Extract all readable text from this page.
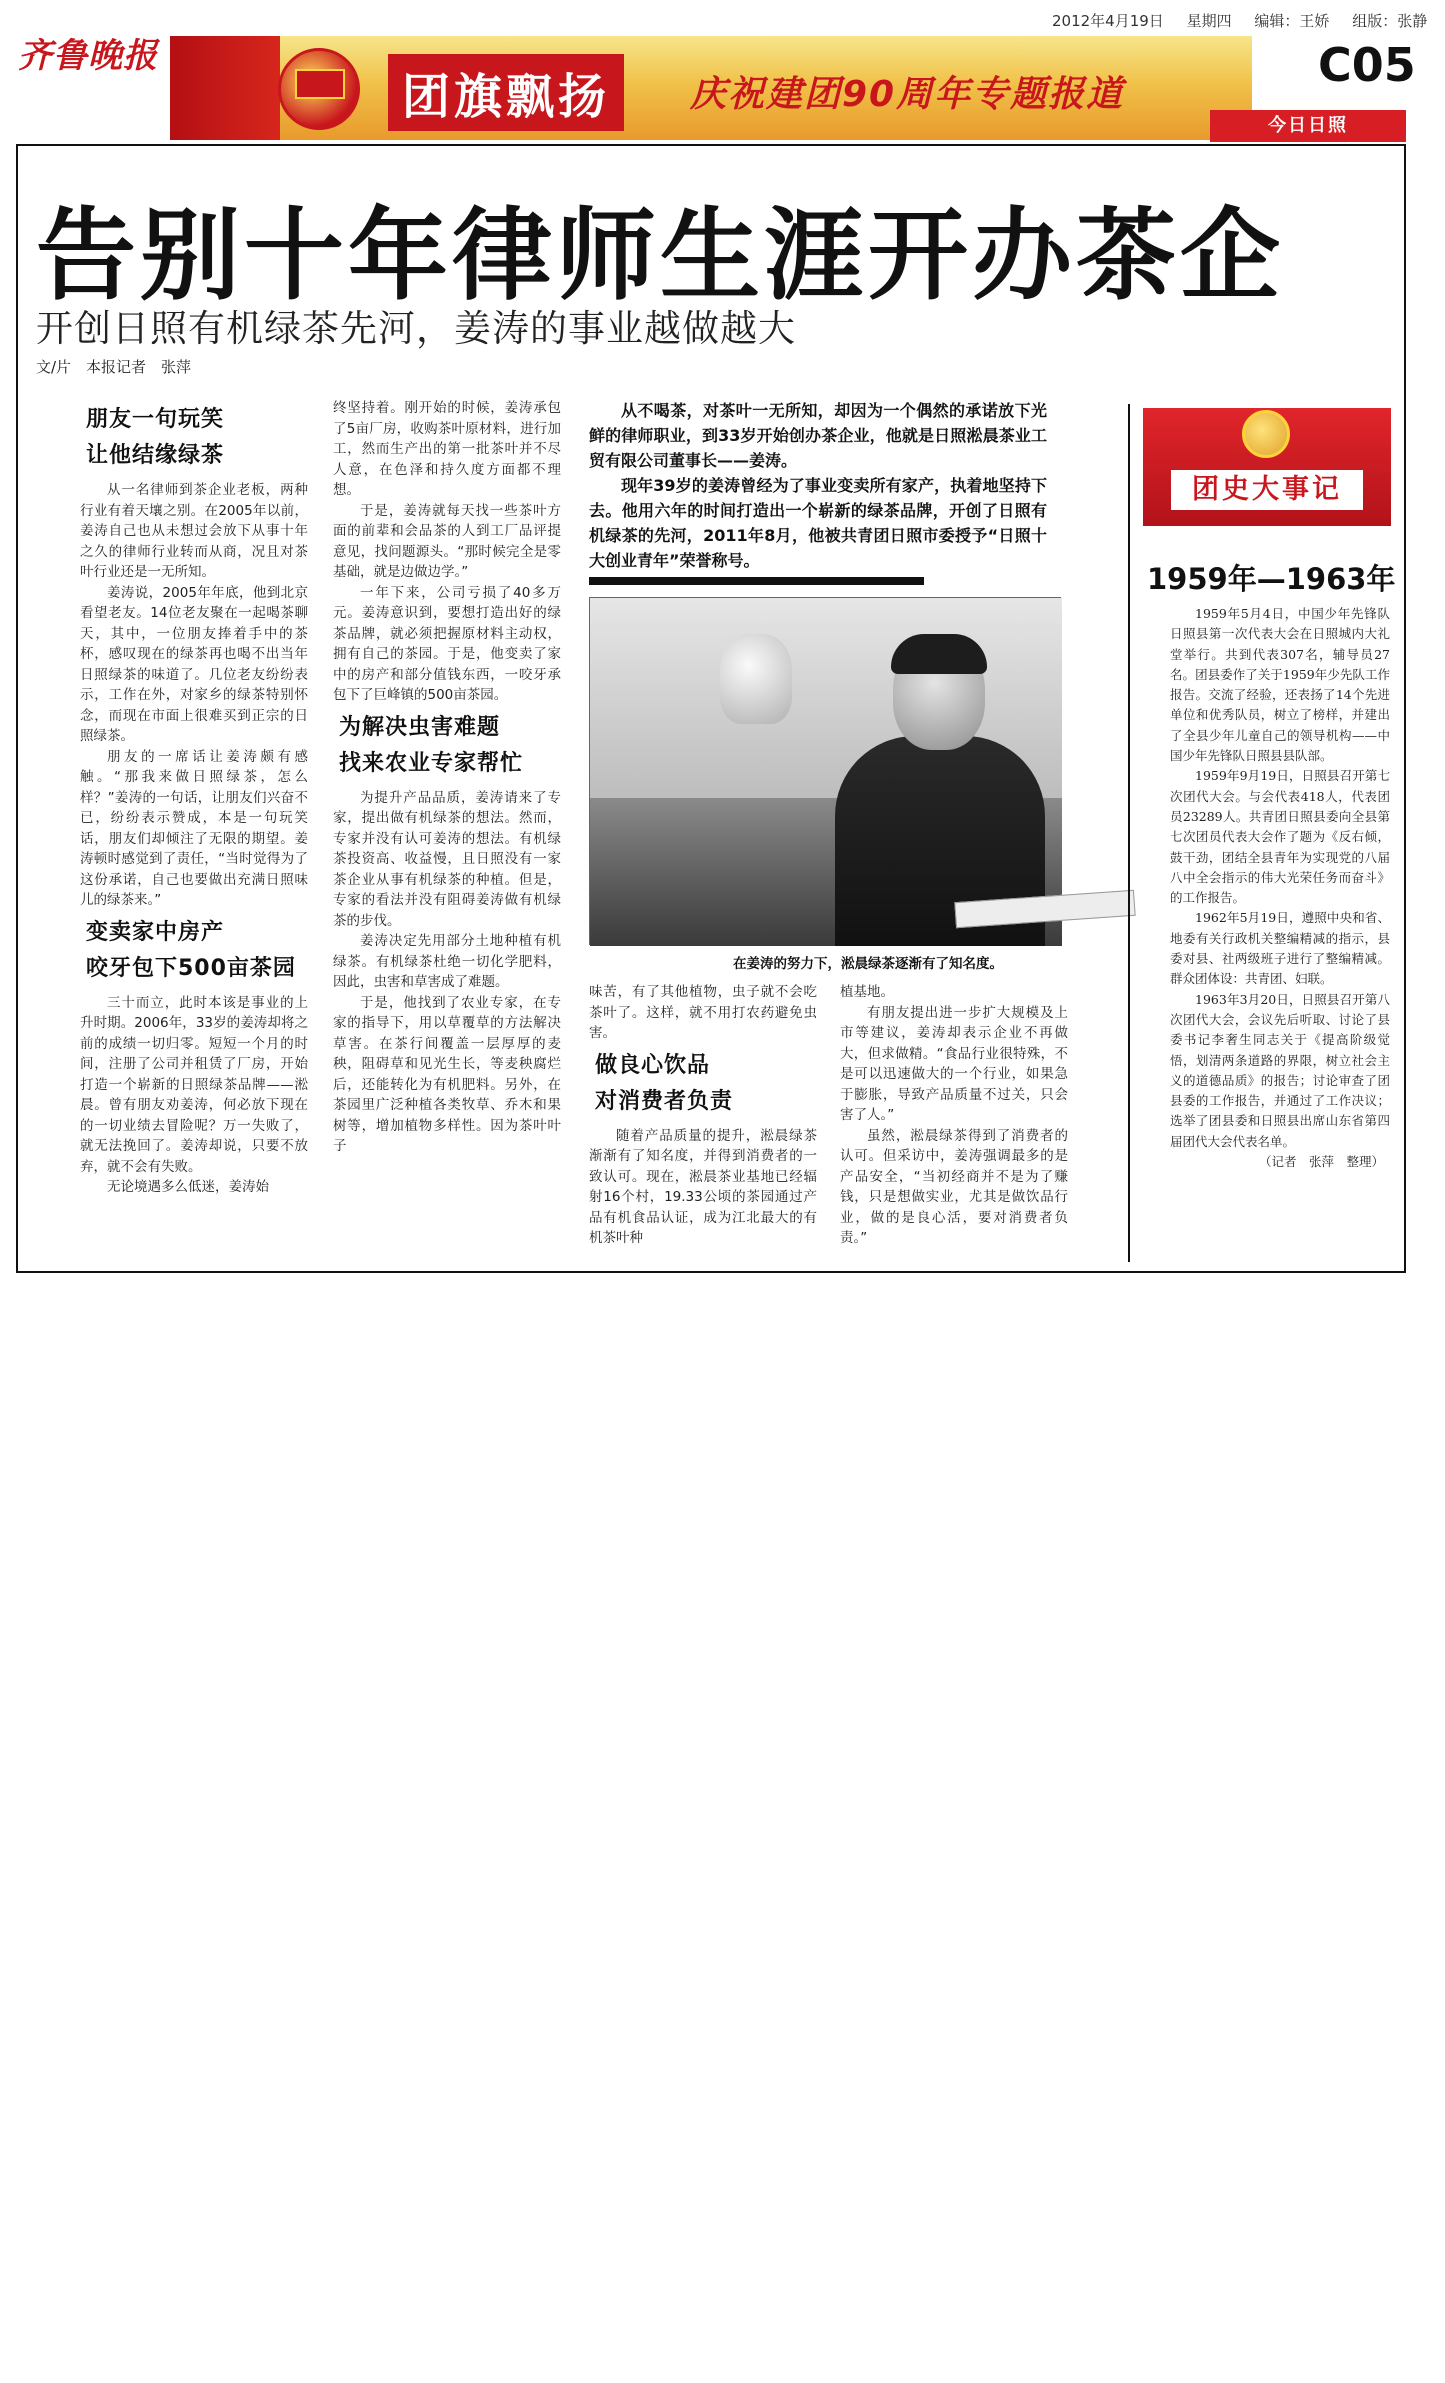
齐鲁晚报
2012年4月19日 星期四 编辑：王娇 组版：张静
团旗飘扬	庆祝建团90周年专题报道
C05
今日日照
告别十年律师生涯开办茶企
开创日照有机绿茶先河，姜涛的事业越做越大
文/片　本报记者　张萍
朋友一句玩笑
让他结缘绿茶

从一名律师到茶企业老板，两种行业有着天壤之别。在2005年以前，姜涛自己也从未想过会放下从事十年之久的律师行业转而从商，况且对茶叶行业还是一无所知。

姜涛说，2005年年底，他到北京看望老友。14位老友聚在一起喝茶聊天，其中，一位朋友捧着手中的茶杯，感叹现在的绿茶再也喝不出当年日照绿茶的味道了。几位老友纷纷表示，工作在外，对家乡的绿茶特别怀念，而现在市面上很难买到正宗的日照绿茶。

朋友的一席话让姜涛颇有感触。“那我来做日照绿茶，怎么样？”姜涛的一句话，让朋友们兴奋不已，纷纷表示赞成，本是一句玩笑话，朋友们却倾注了无限的期望。姜涛顿时感觉到了责任，“当时觉得为了这份承诺，自己也要做出充满日照味儿的绿茶来。”

变卖家中房产
咬牙包下500亩茶园

三十而立，此时本该是事业的上升时期。2006年，33岁的姜涛却将之前的成绩一切归零。短短一个月的时间，注册了公司并租赁了厂房，开始打造一个崭新的日照绿茶品牌——淞晨。曾有朋友劝姜涛，何必放下现在的一切业绩去冒险呢？万一失败了，就无法挽回了。姜涛却说，只要不放弃，就不会有失败。

无论境遇多么低迷，姜涛始

终坚持着。刚开始的时候，姜涛承包了5亩厂房，收购茶叶原材料，进行加工，然而生产出的第一批茶叶并不尽人意，在色泽和持久度方面都不理想。

于是，姜涛就每天找一些茶叶方面的前辈和会品茶的人到工厂品评提意见，找问题源头。“那时候完全是零基础，就是边做边学。”

一年下来，公司亏损了40多万元。姜涛意识到，要想打造出好的绿茶品牌，就必须把握原材料主动权，拥有自己的茶园。于是，他变卖了家中的房产和部分值钱东西，一咬牙承包下了巨峰镇的500亩茶园。

为解决虫害难题
找来农业专家帮忙

为提升产品品质，姜涛请来了专家，提出做有机绿茶的想法。然而，专家并没有认可姜涛的想法。有机绿茶投资高、收益慢，且日照没有一家茶企业从事有机绿茶的种植。但是，专家的看法并没有阻碍姜涛做有机绿茶的步伐。

姜涛决定先用部分土地种植有机绿茶。有机绿茶杜绝一切化学肥料，因此，虫害和草害成了难题。

于是，他找到了农业专家，在专家的指导下，用以草覆草的方法解决草害。在茶行间覆盖一层厚厚的麦秧，阻碍草和见光生长，等麦秧腐烂后，还能转化为有机肥料。另外，在茶园里广泛种植各类牧草、乔木和果树等，增加植物多样性。因为茶叶叶子

从不喝茶，对茶叶一无所知，却因为一个偶然的承诺放下光鲜的律师职业，到33岁开始创办茶企业，他就是日照淞晨茶业工贸有限公司董事长——姜涛。

现年39岁的姜涛曾经为了事业变卖所有家产，执着地坚持下去。他用六年的时间打造出一个崭新的绿茶品牌，开创了日照有机绿茶的先河，2011年8月，他被共青团日照市委授予“日照十大创业青年”荣誉称号。

在姜涛的努力下，淞晨绿茶逐渐有了知名度。

味苦，有了其他植物，虫子就不会吃茶叶了。这样，就不用打农药避免虫害。

做良心饮品
对消费者负责

随着产品质量的提升，淞晨绿茶渐渐有了知名度，并得到消费者的一致认可。现在，淞晨茶业基地已经辐射16个村，19.33公顷的茶园通过产品有机食品认证，成为江北最大的有机茶叶种

植基地。

有朋友提出进一步扩大规模及上市等建议，姜涛却表示企业不再做大，但求做精。“食品行业很特殊，不是可以迅速做大的一个行业，如果急于膨胀，导致产品质量不过关，只会害了人。”

虽然，淞晨绿茶得到了消费者的认可。但采访中，姜涛强调最多的是产品安全，“当初经商并不是为了赚钱，只是想做实业，尤其是做饮品行业，做的是良心活，要对消费者负责。”

团史大事记
1959年—1963年

1959年5月4日，中国少年先锋队日照县第一次代表大会在日照城内大礼堂举行。共到代表307名，辅导员27名。团县委作了关于1959年少先队工作报告。交流了经验，还表扬了14个先进单位和优秀队员，树立了榜样，并建出了全县少年儿童自己的领导机构——中国少年先锋队日照县县队部。

1959年9月19日，日照县召开第七次团代大会。与会代表418人，代表团员23289人。共青团日照县委向全县第七次团员代表大会作了题为《反右倾，鼓干劲，团结全县青年为实现党的八届八中全会指示的伟大光荣任务而奋斗》的工作报告。

1962年5月19日，遵照中央和省、地委有关行政机关整编精减的指示，县委对县、社两级班子进行了整编精减。群众团体设：共青团、妇联。

1963年3月20日，日照县召开第八次团代大会，会议先后听取、讨论了县委书记李奢生同志关于《提高阶级觉悟，划清两条道路的界限，树立社会主义的道德品质》的报告；讨论审查了团县委的工作报告，并通过了工作决议；选举了团县委和日照县出席山东省第四届团代大会代表名单。

（记者　张萍　整理）
